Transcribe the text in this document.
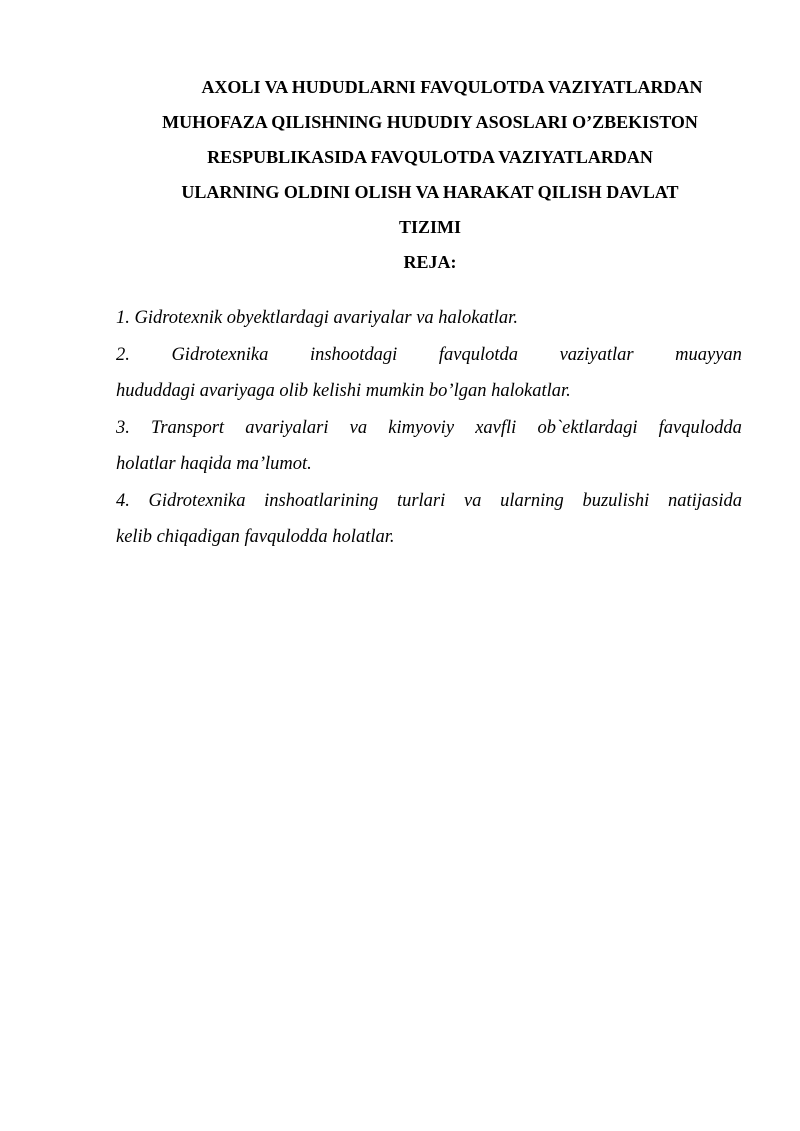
AXOLI VA HUDUDLARNI FAVQULOTDA VAZIYATLARDAN
MUHOFAZA QILISHNING HUDUDIY ASOSLARI O’ZBEKISTON
RESPUBLIKASIDA FAVQULOTDA VAZIYATLARDAN
ULARNING OLDINI OLISH VA HARAKAT QILISH DAVLAT
TIZIMI
REJA:
1. Gidrotexnik obyektlardagi avariyalar va halokatlar.
2. Gidrotexnika inshootdagi favqulotda vaziyatlar muayyan
hududdagi avariyaga olib kelishi mumkin bo’lgan halokatlar.
3. Transport avariyalari va kimyoviy xavfli ob`ektlardagi favqulodda
holatlar haqida ma’lumot.
4. Gidrotexnika inshoatlarining turlari va ularning buzulishi natijasida
kelib chiqadigan favqulodda holatlar.
